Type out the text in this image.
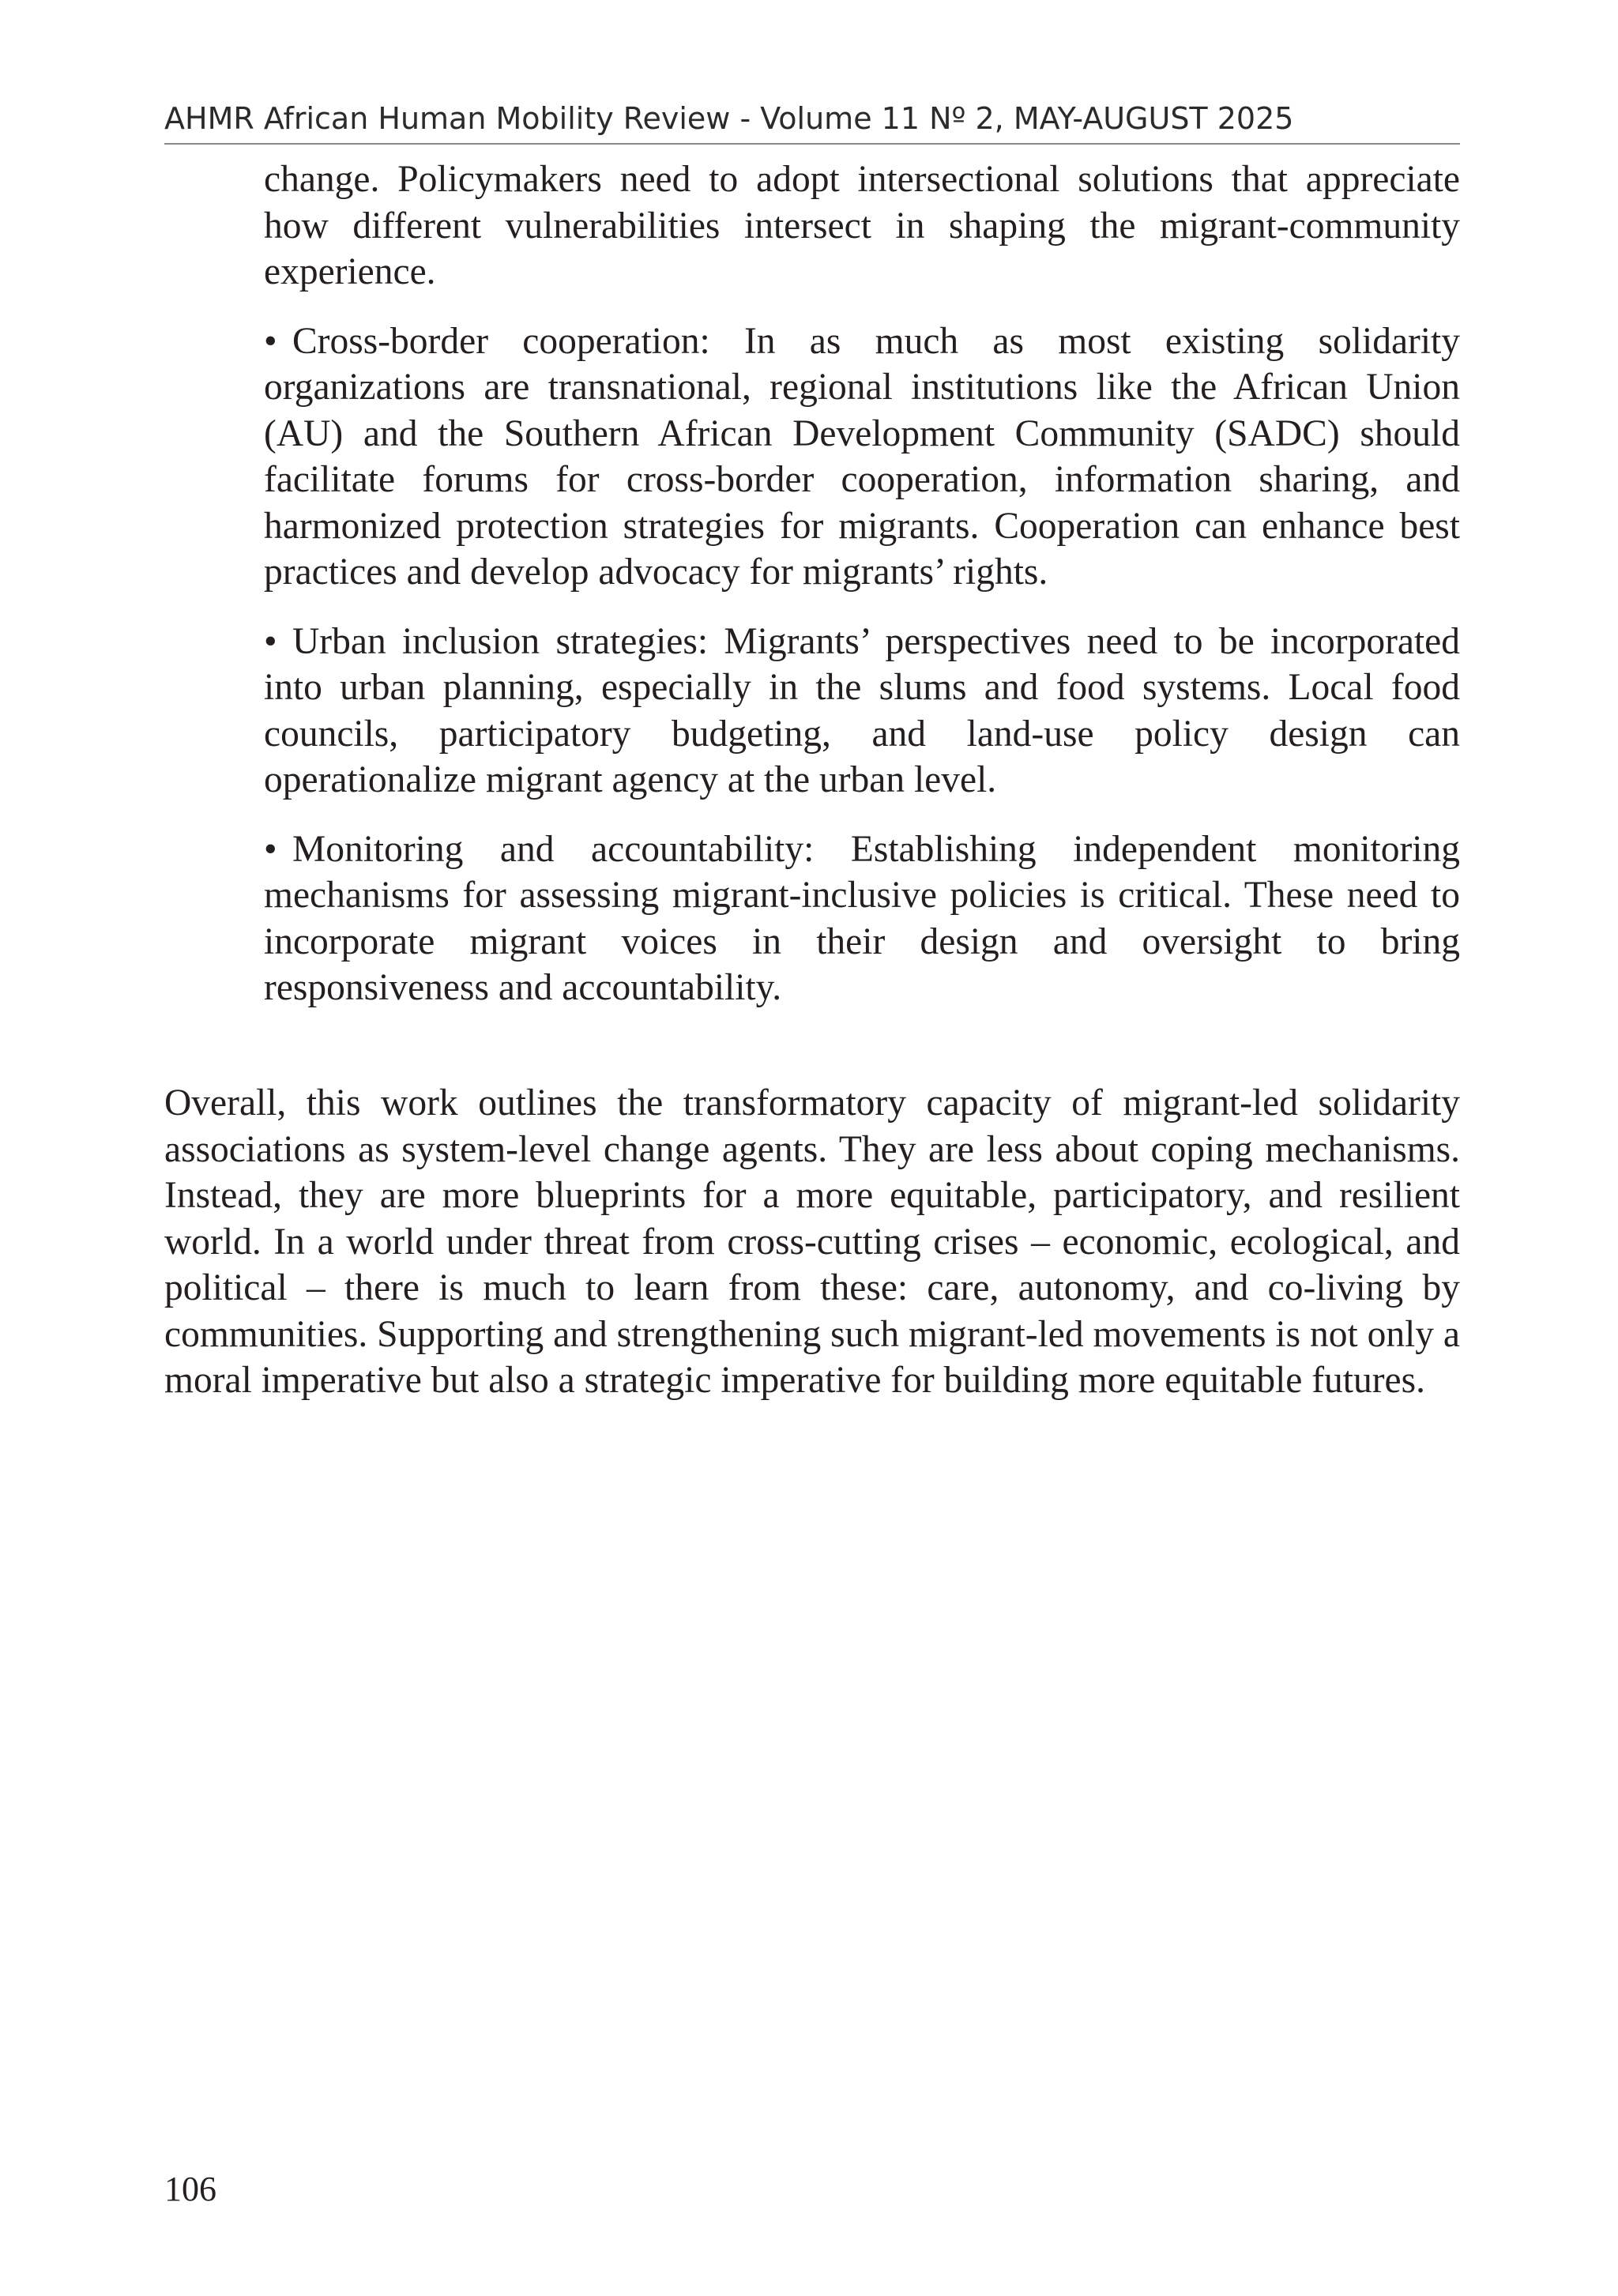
AHMR African Human Mobility Review - Volume 11 Nº 2, MAY-AUGUST 2025

change. Policymakers need to adopt intersectional solutions that appreciate how different vulnerabilities intersect in shaping the migrant-community experience.

• Cross-border cooperation: In as much as most existing solidarity organizations are transnational, regional institutions like the African Union (AU) and the Southern African Development Community (SADC) should facilitate forums for cross-border cooperation, information sharing, and harmonized protection strategies for migrants. Cooperation can enhance best practices and develop advocacy for migrants’ rights.

• Urban inclusion strategies: Migrants’ perspectives need to be incorporated into urban planning, especially in the slums and food systems. Local food councils, participatory budgeting, and land-use policy design can operationalize migrant agency at the urban level.

• Monitoring and accountability: Establishing independent monitoring mechanisms for assessing migrant-inclusive policies is critical. These need to incorporate migrant voices in their design and oversight to bring responsiveness and accountability.

Overall, this work outlines the transformatory capacity of migrant-led solidarity associations as system-level change agents. They are less about coping mechanisms. Instead, they are more blueprints for a more equitable, participatory, and resilient world. In a world under threat from cross-cutting crises – economic, ecological, and political – there is much to learn from these: care, autonomy, and co-living by communities. Supporting and strengthening such migrant-led movements is not only a moral imperative but also a strategic imperative for building more equitable futures.

106
